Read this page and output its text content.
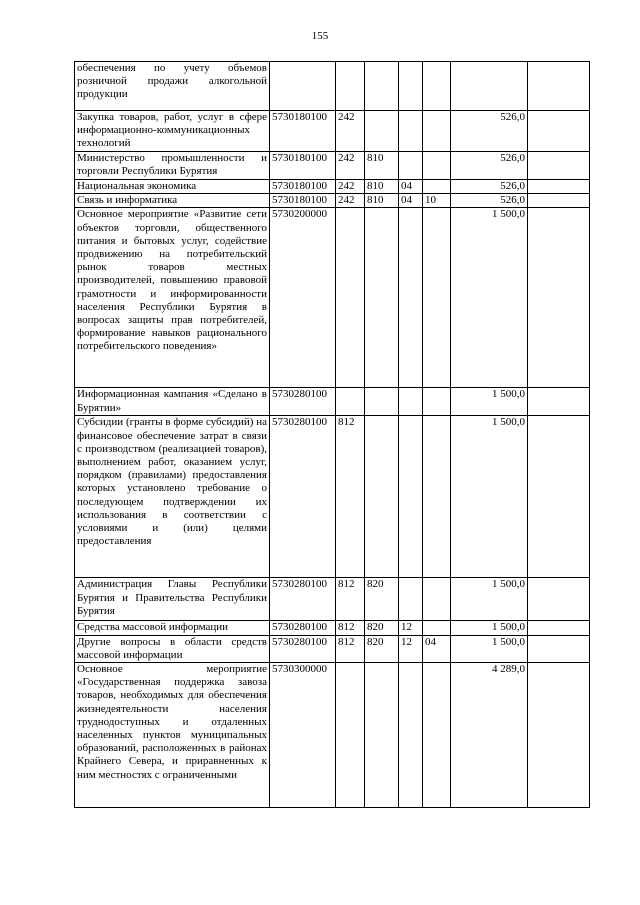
155
обеспечения по учету объемов розничной продажи алкогольной продукции							
Закупка товаров, работ, услуг в сфере информационно-коммуникационных технологий	5730180100	242				526,0	
Министерство промышленности и торговли Республики Бурятия	5730180100	242	810			526,0	
Национальная экономика	5730180100	242	810	04		526,0	
Связь и информатика	5730180100	242	810	04	10	526,0	
Основное мероприятие «Развитие сети объектов торговли, общественного питания и бытовых услуг, содействие продвижению на потребительский рынок товаров местных производителей, повышению правовой грамотности и информированности населения Республики Бурятия в вопросах защиты прав потребителей, формирование навыков рационального потребительского поведения»	5730200000					1 500,0	
Информационная кампания «Сделано в Бурятии»	5730280100					1 500,0	
Субсидии (гранты в форме субсидий) на финансовое обеспечение затрат в связи с производством (реализацией товаров), выполнением работ, оказанием услуг, порядком (правилами) предоставления которых установлено требование о последующем подтверждении их использования в соответствии с условиями и (или) целями предоставления	5730280100	812				1 500,0	
Администрация Главы Республики Бурятия и Правительства Республики Бурятия	5730280100	812	820			1 500,0	
Средства массовой информации	5730280100	812	820	12		1 500,0	
Другие вопросы в области средств массовой информации	5730280100	812	820	12	04	1 500,0	
Основное мероприятие «Государственная поддержка завоза товаров, необходимых для обеспечения жизнедеятельности населения труднодоступных и отдаленных населенных пунктов муниципальных образований, расположенных в районах Крайнего Севера, и приравненных к ним местностях с ограниченными	5730300000					4 289,0	
